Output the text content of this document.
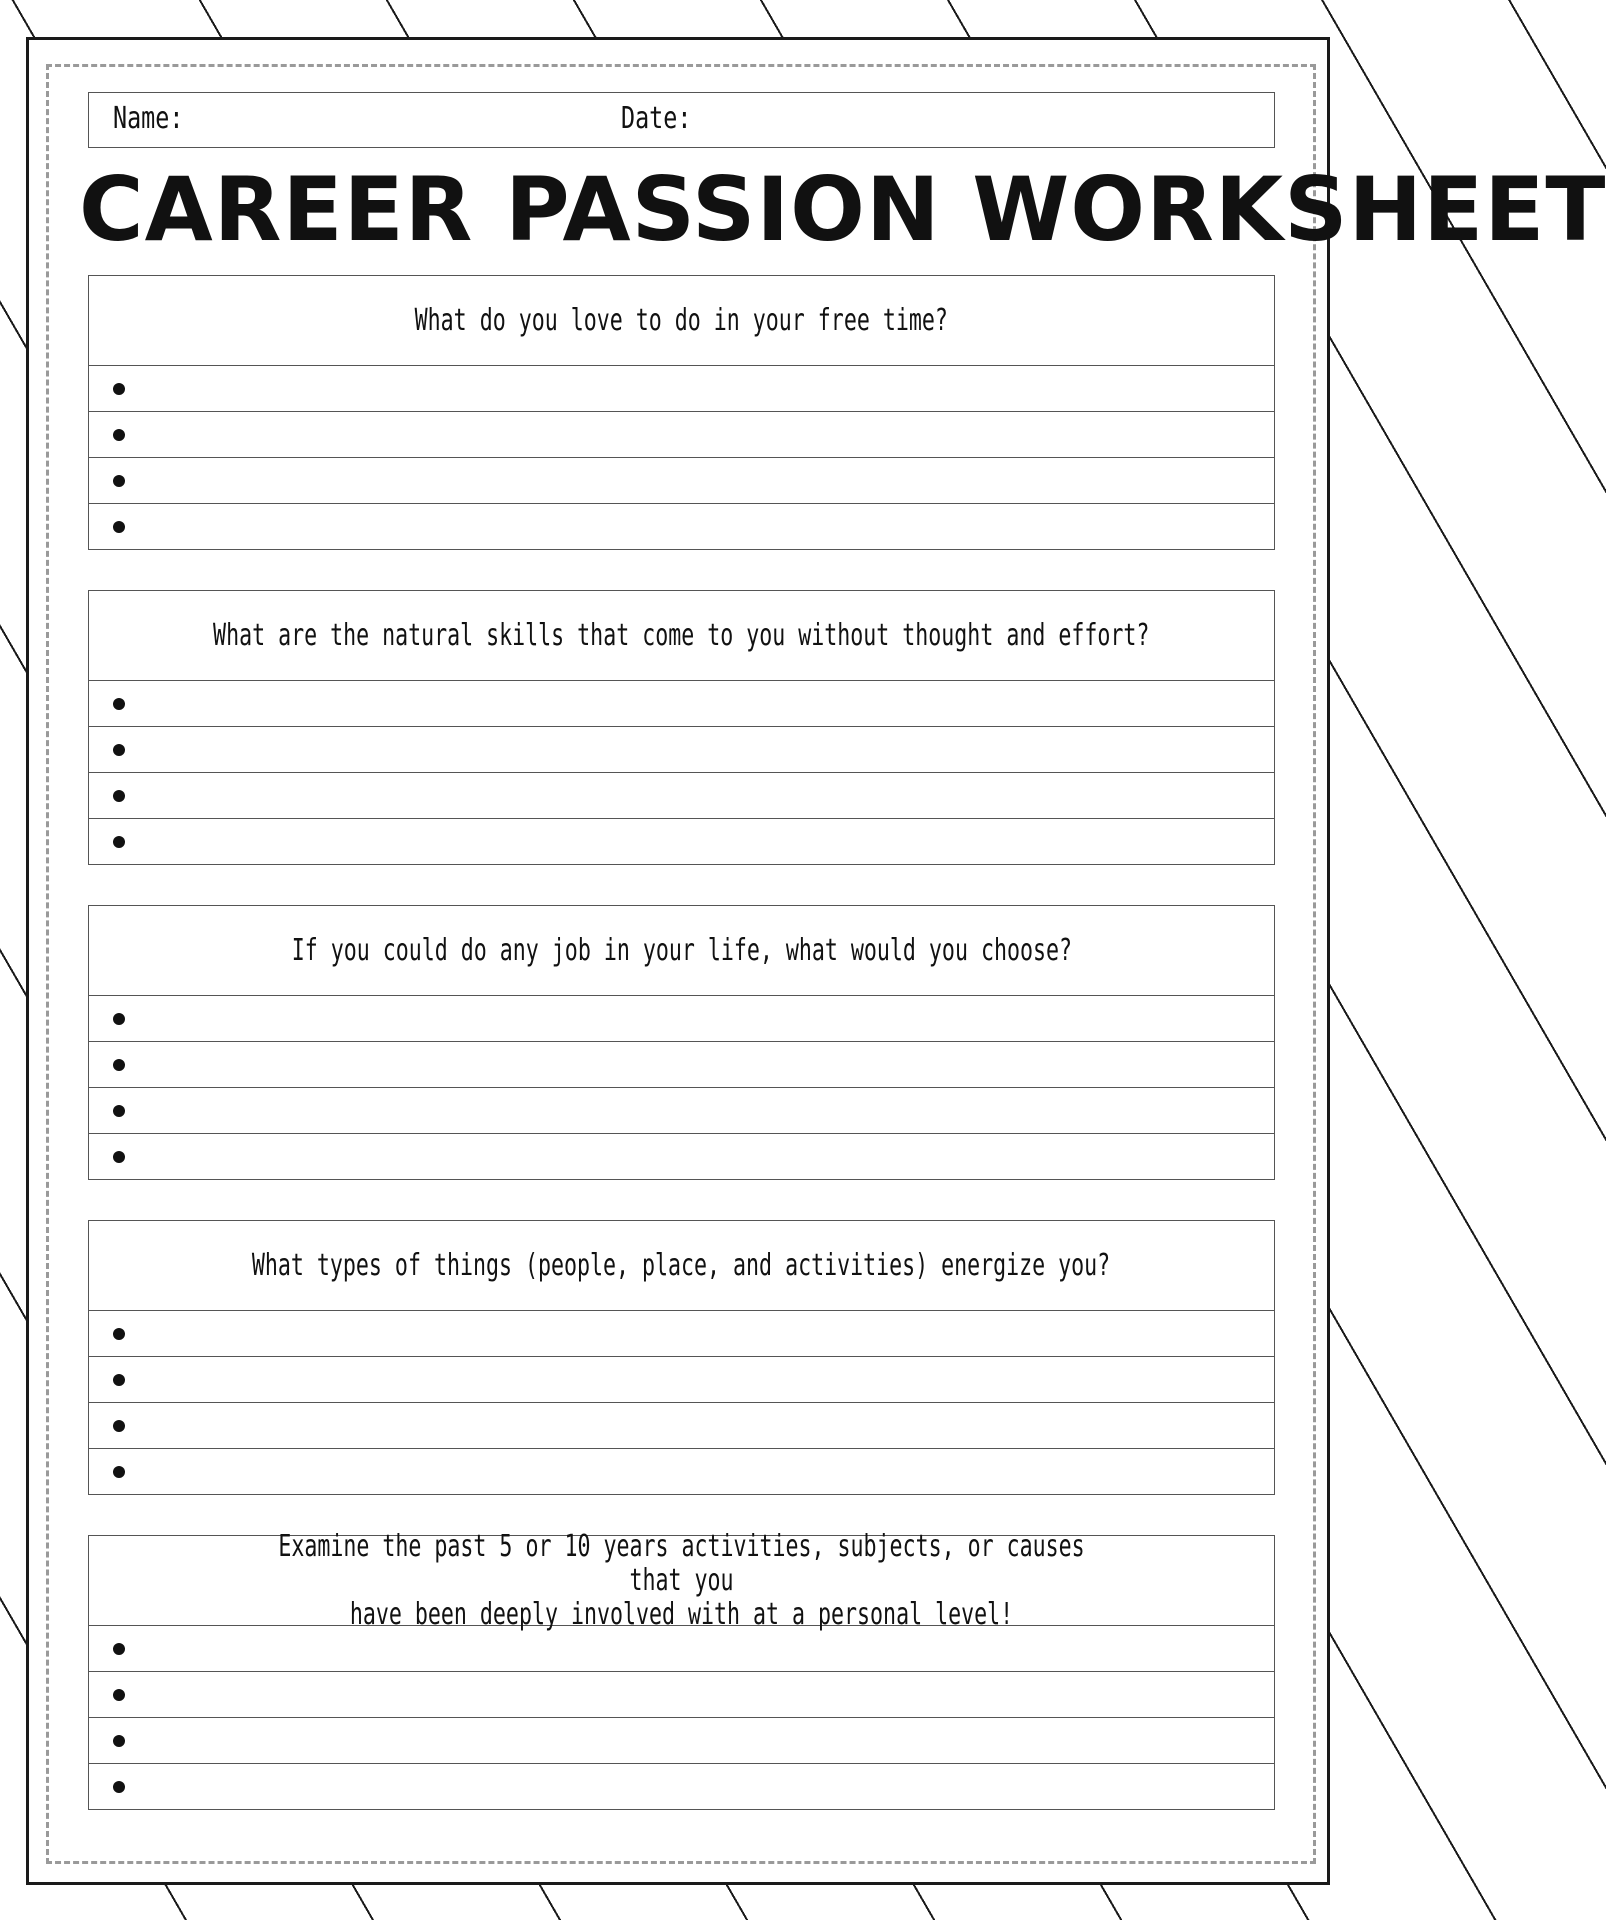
Name:	Date:
CAREER PASSION WORKSHEET
What do you love to do in your free time?
What are the natural skills that come to you without thought and effort?
If you could do any job in your life, what would you choose?
What types of things (people, place, and activities) energize you?
Examine the past 5 or 10 years activities, subjects, or causes that you
have been deeply involved with at a personal level!
